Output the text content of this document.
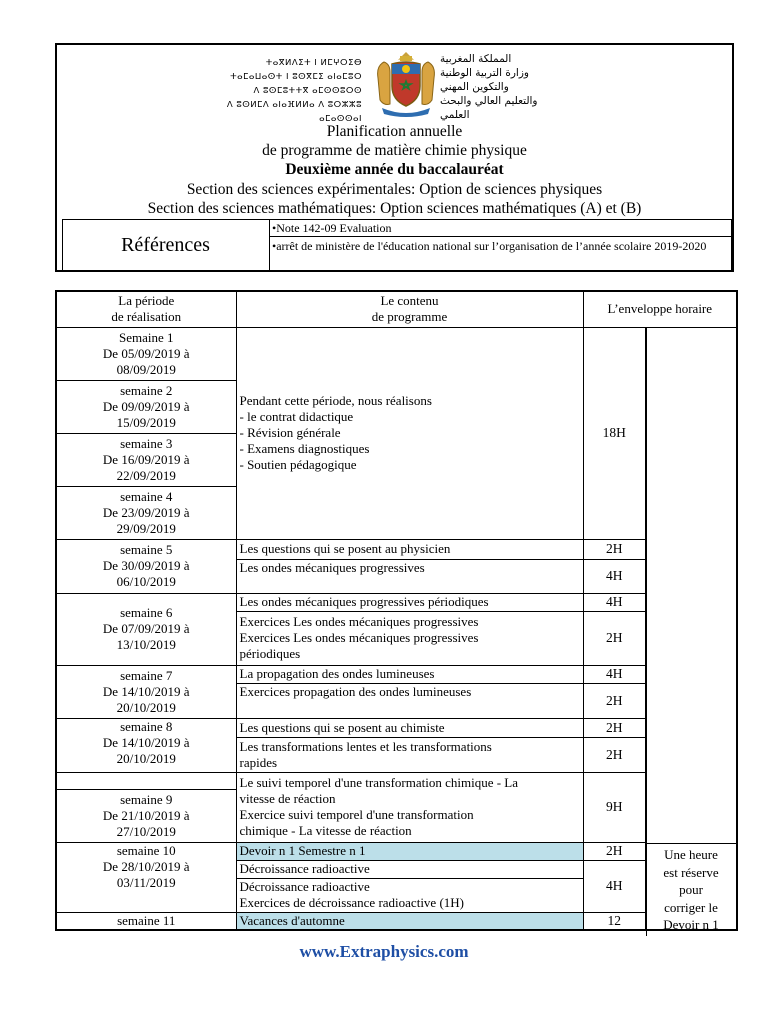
ⵜⴰⴳⵍⴷⵉⵜ ⵏ ⵍⵎⵖⵔⵉⴱ
ⵜⴰⵎⴰⵡⴰⵙⵜ ⵏ ⵓⵙⴳⵎⵉ ⴰⵏⴰⵎⵓⵔ
ⴷ ⵓⵙⵎⵓⵜⵜⴳ ⴰⵎⵙⵙⵓⵔⵙ
ⴷ ⵓⵙⵍⵎⴷ ⴰⵏⴰⴼⵍⵍⴰ ⴷ ⵓⵔⵣⵣⵓ ⴰⵎⴰⵙⵙⴰⵏ
المملكة المغربية
وزارة التربية الوطنية
والتكوين المهني
والتعليم العالي والبحث العلمي
Planification annuelle
de programme de matière chimie physique
Deuxième année du baccalauréat
Section des sciences expérimentales: Option de sciences physiques
Section des sciences mathématiques: Option sciences mathématiques (A) et (B)
Références
•Note 142-09 Evaluation
•arrêt de ministère de l'éducation national sur l’organisation de l’année scolaire 2019-2020
La période
de réalisation	Le contenu
de programme	L’enveloppe horaire	
Semaine 1
De 05/09/2019 à
08/09/2019	Pendant cette période, nous réalisons
- le contrat didactique
- Révision générale
- Examens diagnostiques
- Soutien pédagogique	18H	
semaine 2
De 09/09/2019 à
15/09/2019			
semaine 3
De 16/09/2019 à
22/09/2019			
semaine 4
De 23/09/2019 à
29/09/2019			
semaine 5
De 30/09/2019 à
06/10/2019	Les questions qui se posent au physicien	2H	
	Les ondes mécaniques progressives	4H	
semaine 6
De 07/09/2019 à
13/10/2019	Les ondes mécaniques progressives périodiques	4H	
	Exercices Les ondes mécaniques progressives
Exercices Les ondes mécaniques progressives
périodiques	2H	
semaine 7
De 14/10/2019 à
20/10/2019	La propagation des ondes lumineuses	4H	
	Exercices propagation des ondes lumineuses	2H	
semaine 8
De 14/10/2019 à
20/10/2019	Les questions qui se posent au chimiste	2H	
	Les transformations lentes et les transformations
rapides	2H	
	Le suivi temporel d'une transformation chimique - La
vitesse de réaction
Exercice suivi temporel d'une transformation
chimique - La vitesse de réaction	9H	
semaine 9
De 21/10/2019 à
27/10/2019			
semaine 10
De 28/10/2019 à
03/11/2019	Devoir n 1 Semestre n 1	2H	
	Décroissance radioactive	4H	
	Décroissance radioactive
Exercices de décroissance radioactive (1H)		
semaine 11	Vacances d'automne	12	
Une heure
est réserve
pour
corriger le
Devoir n 1
www.Extraphysics.com
